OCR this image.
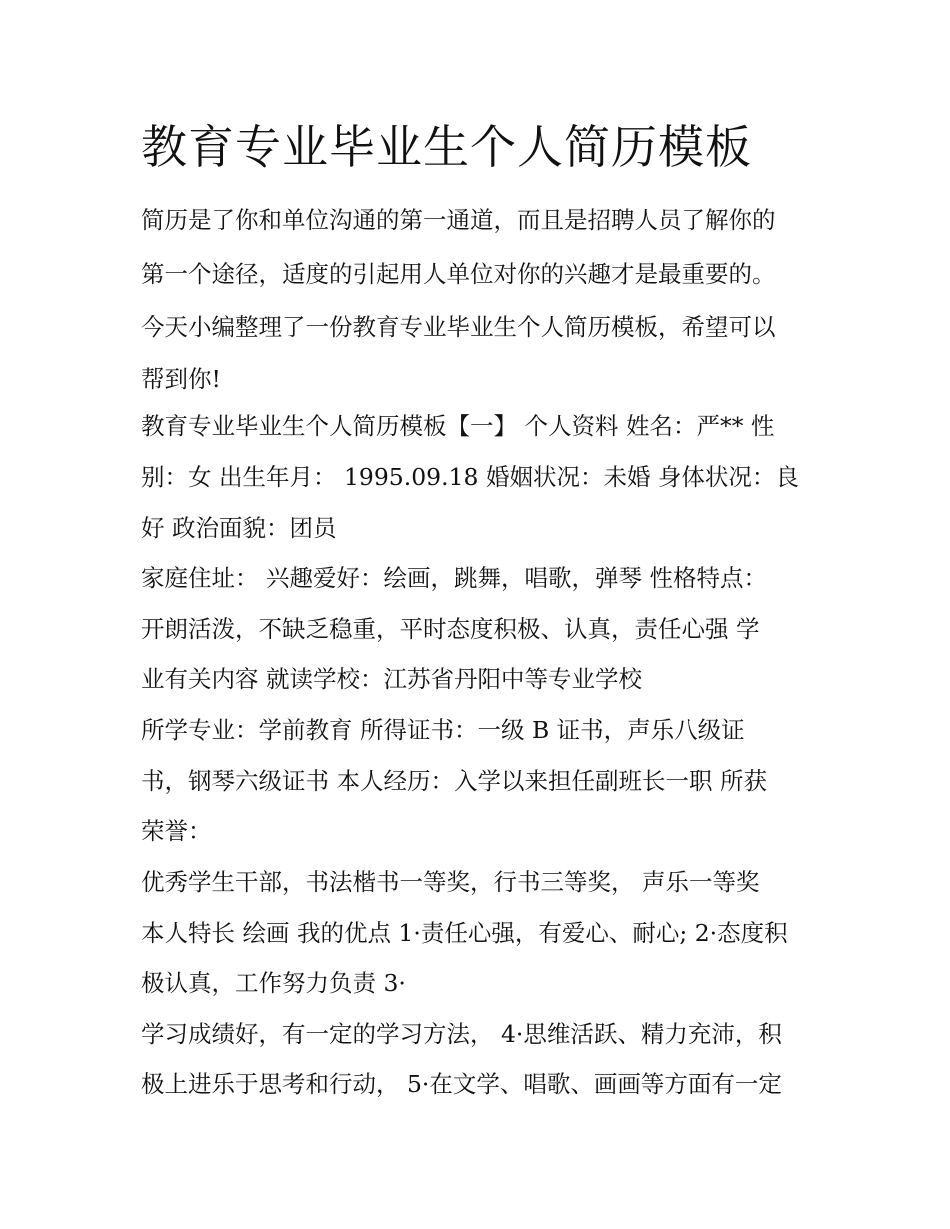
教育专业毕业生个人简历模板

简历是了你和单位沟通的第一通道，而且是招聘人员了解你的

第一个途径，适度的引起用人单位对你的兴趣才是最重要的。

今天小编整理了一份教育专业毕业生个人简历模板，希望可以

帮到你!

教育专业毕业生个人简历模板【一】 个人资料 姓名：严** 性

别：女 出生年月： 1995.09.18 婚姻状况：未婚 身体状况：良

好 政治面貌：团员

家庭住址： 兴趣爱好：绘画，跳舞，唱歌，弹琴 性格特点：

开朗活泼，不缺乏稳重，平时态度积极、认真，责任心强 学

业有关内容 就读学校：江苏省丹阳中等专业学校

所学专业：学前教育 所得证书：一级 B 证书，声乐八级证

书，钢琴六级证书 本人经历：入学以来担任副班长一职 所获

荣誉：

优秀学生干部，书法楷书一等奖，行书三等奖， 声乐一等奖

本人特长 绘画 我的优点 1·责任心强，有爱心、耐心; 2·态度积

极认真，工作努力负责 3·

学习成绩好，有一定的学习方法， 4·思维活跃、精力充沛，积

极上进乐于思考和行动， 5·在文学、唱歌、画画等方面有一定
